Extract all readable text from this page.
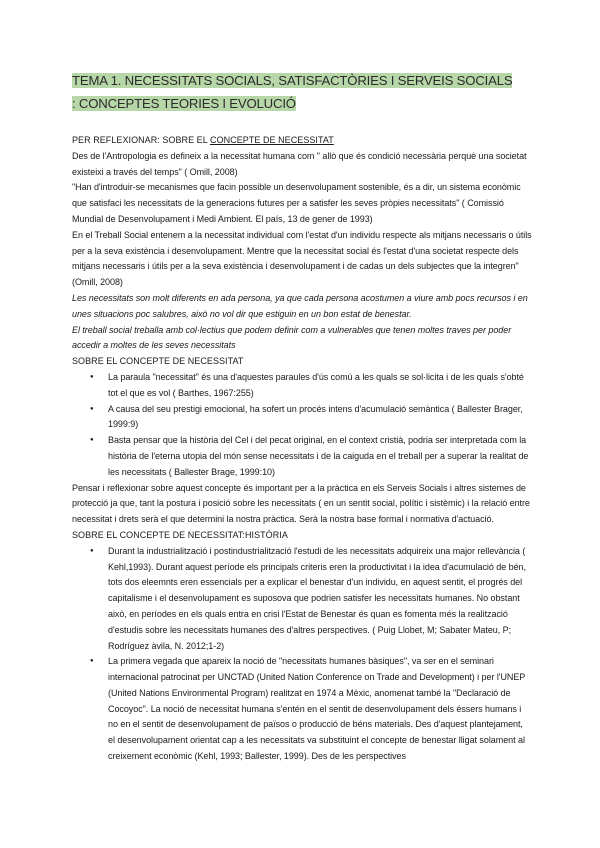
TEMA 1. NECESSITATS SOCIALS, SATISFACTÒRIES I SERVEIS SOCIALS
: CONCEPTES TEORIES I EVOLUCIÓ

PER REFLEXIONAR: SOBRE EL CONCEPTE DE NECESSITAT

Des de l'Antropologia es defineix a la necessitat humana com " allò que és condició necessària perquè una societat existeixi a través del temps" ( Omill, 2008)

"Han d'introduir-se mecanismes que facin possible un desenvolupament sostenible, és a dir, un sistema econòmic que satisfaci les necessitats de la generacions futures per a satisfer les seves pròpies necessitats" ( Comissió Mundial de Desenvolupament i Medi Ambient. El país, 13 de gener de 1993)

En el Treball Social entenem a la necessitat individual com l'estat d'un individu respecte als mitjans necessaris o útils per a la seva existència i desenvolupament. Mentre que la necessitat social és l'estat d'una societat respecte dels mitjans necessaris i útils per a la seva existència i desenvolupament i de cadas un dels subjectes que la integren" (Omill, 2008)

Les necessitats son molt diferents en ada persona, ya que cada persona acostumen a viure amb pocs recursos i en unes situacions poc salubres, això no vol dir que estiguin en un bon estat de benestar.

El treball social treballa amb col·lectius que podem definir com a vulnerables que tenen moltes traves per poder accedir a moltes de les seves necessitats

SOBRE EL CONCEPTE DE NECESSITAT

● La paraula "necessitat" és una d'aquestes paraules d'ús comú a les quals se sol·licita i de les quals s'obté tot el que es vol ( Barthes, 1967:255)
● A causa del seu prestigi emocional, ha sofert un procés intens d'acumulació semàntica ( Ballester Brager, 1999:9)
● Basta pensar que la història del Cel i del pecat original, en el context cristià, podria ser interpretada com la història de l'eterna utopia del món sense necessitats i de la caiguda en el treball per a superar la realitat de les necessitats ( Ballester Brage, 1999:10)

Pensar i reflexionar sobre aquest concepte és important per a la pràctica en els Serveis Socials i altres sistemes de protecció ja que, tant la postura i posició sobre les necessitats ( en un sentit social, polític i sistèmic) i la relació entre necessitat i drets serà el que determini la nostra pràctica. Serà la nostra base formal i normativa d'actuació.

SOBRE EL CONCEPTE DE NECESSITAT:HISTÒRIA

● Durant la industrialització i postindustrialització l'estudi de les necessitats adquireix una major rellevància ( Kehl,1993). Durant aquest període els principals criteris eren la productivitat i la idea d'acumulació de bén, tots dos eleemnts eren essencials per a explicar el benestar d'un individu, en aquest sentit, el progrés del capitalisme i el desenvolupament es suposova que podrien satisfer les necessitats humanes. No obstant això, en períodes en els quals entra en crisi l'Estat de Benestar és quan es fomenta més la realització d'estudis sobre les necessitats humanes des d'altres perspectives. ( Puig Llobet, M; Sabater Mateu, P; Rodríguez àvila, N. 2012;1-2)
● La primera vegada que apareix la noció de "necessitats humanes bàsiques", va ser en el seminari internacional patrocinat per UNCTAD (United Nation Conference on Trade and Development) i per l'UNEP (United Nations Environmental Program) realitzat en 1974 a Mèxic, anomenat també la "Declaració de Cocoyoc". La noció de necessitat humana s'entén en el sentit de desenvolupament dels éssers humans i no en el sentit de desenvolupament de països o producció de béns materials. Des d'aquest plantejament, el desenvolupament orientat cap a les necessitats va substituint el concepte de benestar lligat solament al creixement econòmic (Kehl, 1993; Ballester, 1999). Des de les perspectives
